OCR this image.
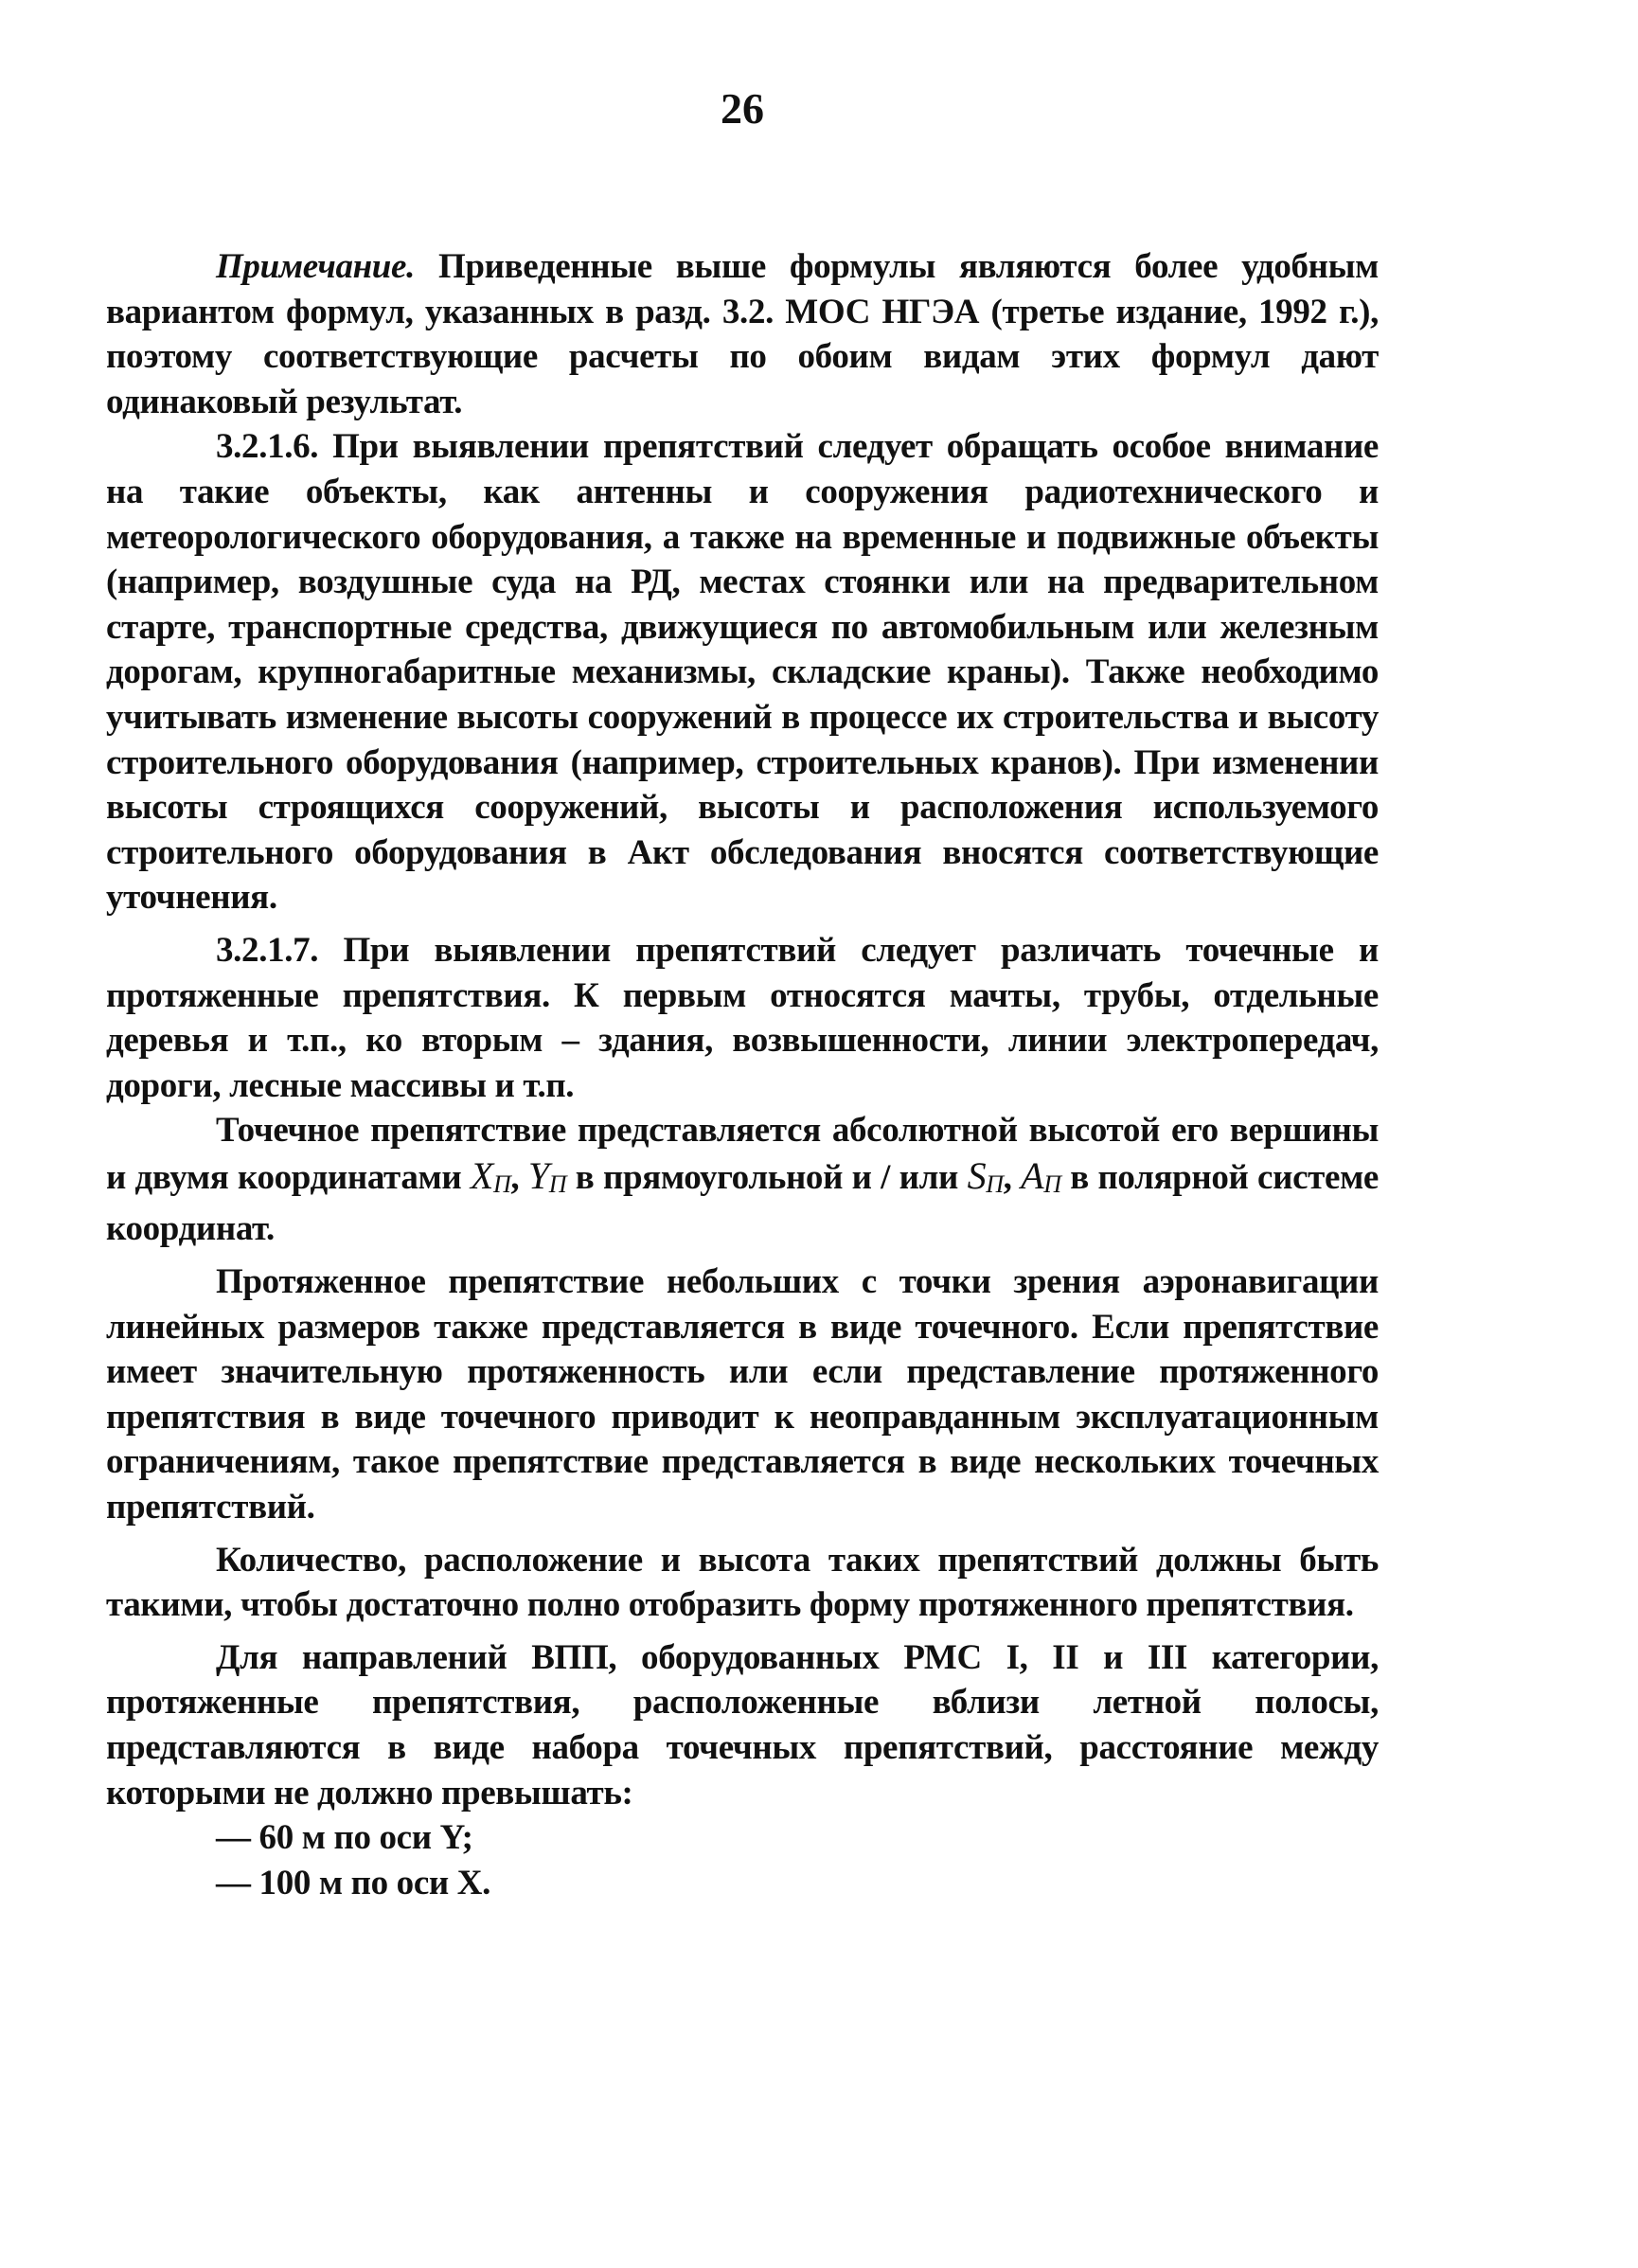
26

Примечание. Приведенные выше формулы являются более удобным вариантом формул, указанных в разд. 3.2. МОС НГЭА (третье издание, 1992 г.), поэтому соответствующие расчеты по обоим видам этих формул дают одинаковый результат.

3.2.1.6. При выявлении препятствий следует обращать особое внимание на такие объекты, как антенны и сооружения радиотехнического и метеорологического оборудования, а также на временные и подвижные объекты (например, воздушные суда на РД, местах стоянки или на предварительном старте, транспортные средства, движущиеся по автомобильным или железным дорогам, крупногабаритные механизмы, складские краны). Также необходимо учитывать изменение высоты сооружений в процессе их строительства и высоту строительного оборудования (например, строительных кранов). При изменении высоты строящихся сооружений, высоты и расположения используемого строительного оборудования в Акт обследования вносятся соответствующие уточнения.

3.2.1.7. При выявлении препятствий следует различать точечные и протяженные препятствия. К первым относятся мачты, трубы, отдельные деревья и т.п., ко вторым – здания, возвышенности, линии электропередач, дороги, лесные массивы и т.п.

Точечное препятствие представляется абсолютной высотой его вершины и двумя координатами $X_П$, $Y_П$ в прямоугольной и / или $S_П$, $A_П$ в полярной системе координат.

Протяженное препятствие небольших с точки зрения аэронавигации линейных размеров также представляется в виде точечного. Если препятствие имеет значительную протяженность или если представление протяженного препятствия в виде точечного приводит к неоправданным эксплуатационным ограничениям, такое препятствие представляется в виде нескольких точечных препятствий.

Количество, расположение и высота таких препятствий должны быть такими, чтобы достаточно полно отобразить форму протяженного препятствия.

Для направлений ВПП, оборудованных РМС I, II и III категории, протяженные препятствия, расположенные вблизи летной полосы, представляются в виде набора точечных препятствий, расстояние между которыми не должно превышать:

— 60 м по оси Y;
— 100 м по оси X.
